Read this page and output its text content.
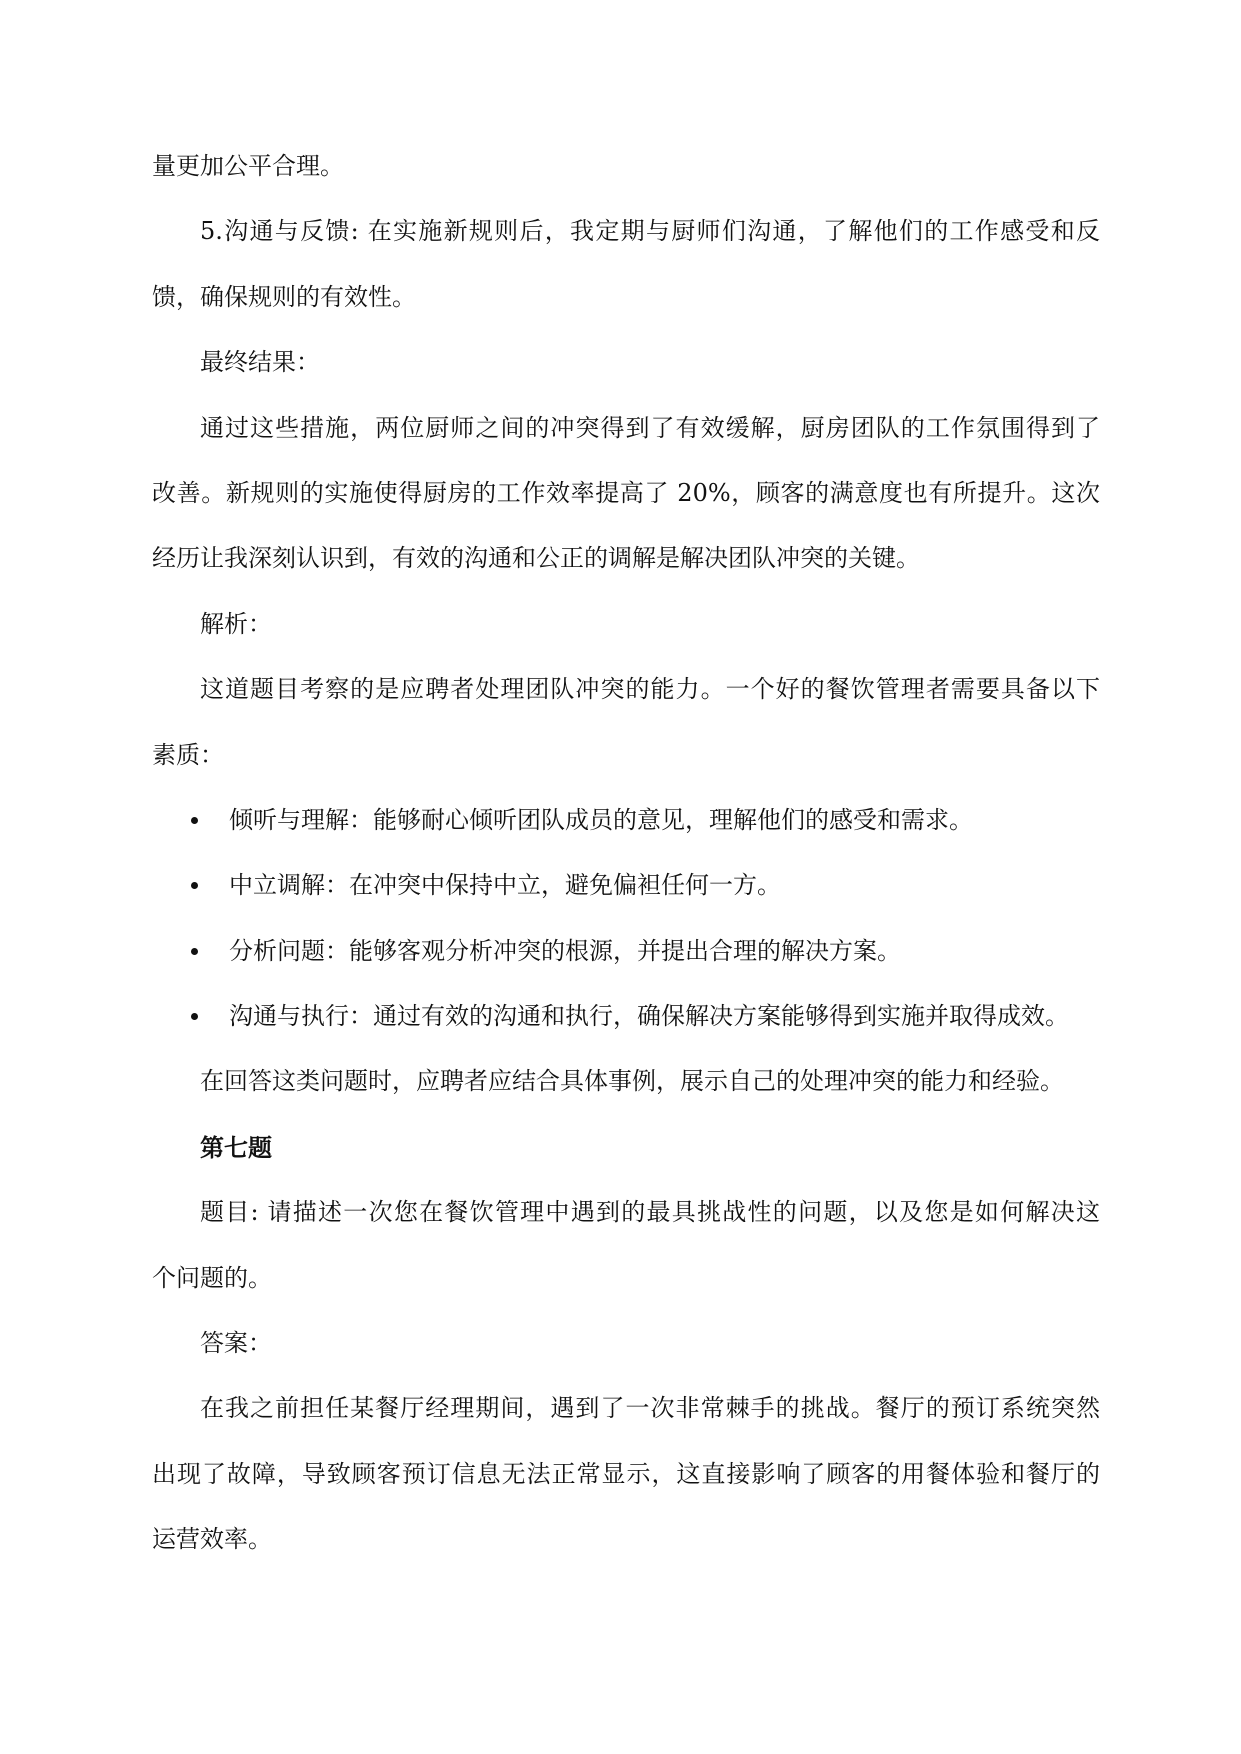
量更加公平合理。
5.沟通与反馈: 在实施新规则后，我定期与厨师们沟通，了解他们的工作感受和反
馈，确保规则的有效性。
最终结果：
通过这些措施，两位厨师之间的冲突得到了有效缓解，厨房团队的工作氛围得到了
改善。新规则的实施使得厨房的工作效率提高了 20%，顾客的满意度也有所提升。这次
经历让我深刻认识到，有效的沟通和公正的调解是解决团队冲突的关键。
解析：
这道题目考察的是应聘者处理团队冲突的能力。一个好的餐饮管理者需要具备以下
素质：
倾听与理解：能够耐心倾听团队成员的意见，理解他们的感受和需求。
中立调解：在冲突中保持中立，避免偏袒任何一方。
分析问题：能够客观分析冲突的根源，并提出合理的解决方案。
沟通与执行：通过有效的沟通和执行，确保解决方案能够得到实施并取得成效。
在回答这类问题时，应聘者应结合具体事例，展示自己的处理冲突的能力和经验。
第七题
题目: 请描述一次您在餐饮管理中遇到的最具挑战性的问题，以及您是如何解决这
个问题的。
答案：
在我之前担任某餐厅经理期间，遇到了一次非常棘手的挑战。餐厅的预订系统突然
出现了故障，导致顾客预订信息无法正常显示，这直接影响了顾客的用餐体验和餐厅的
运营效率。
